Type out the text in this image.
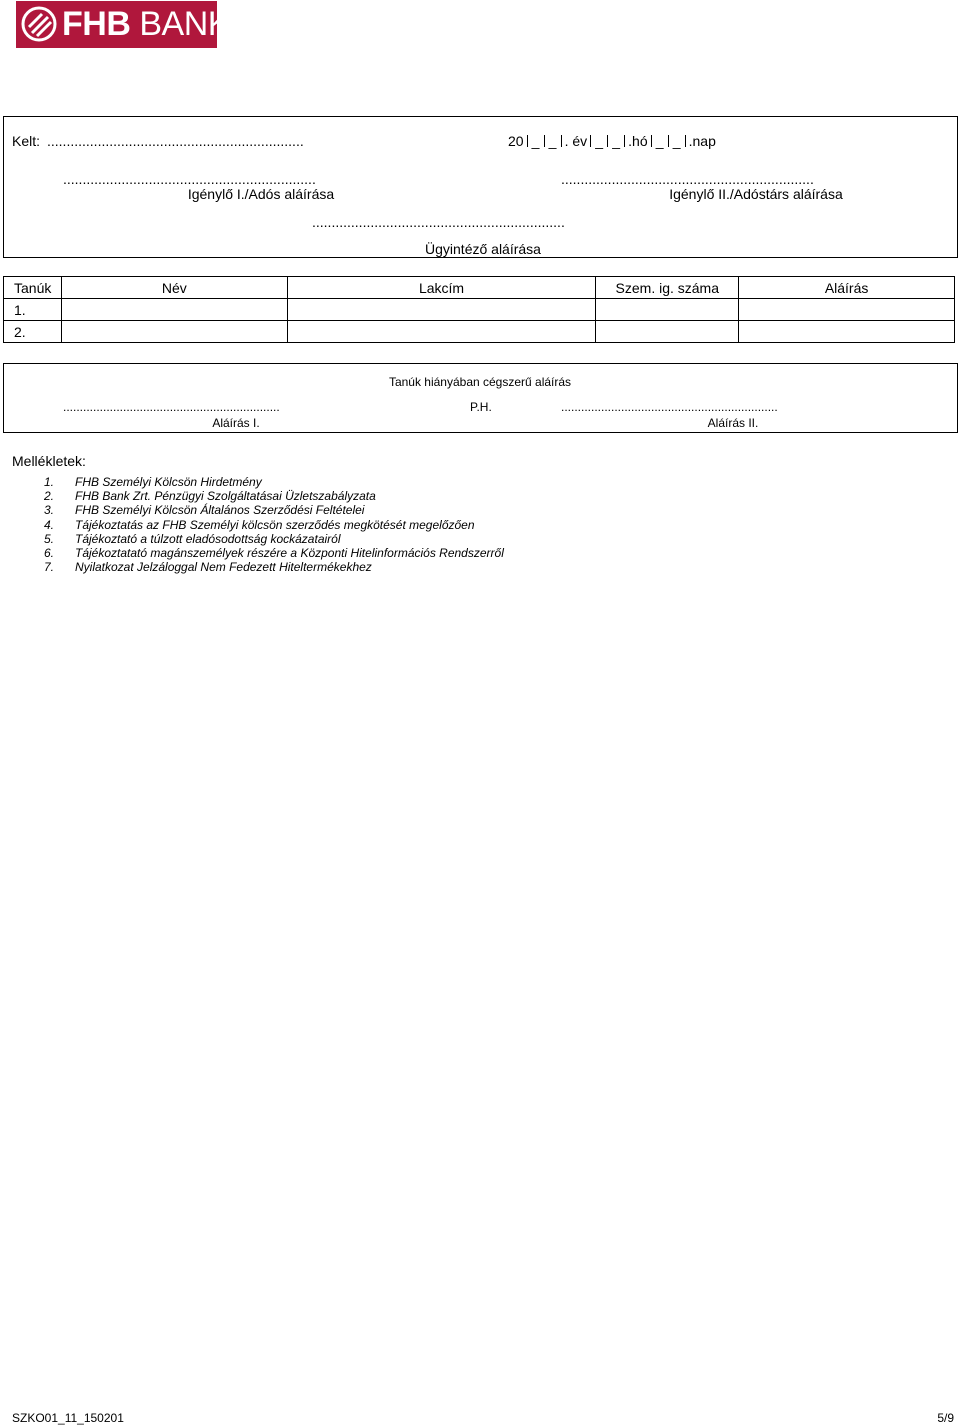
FHB BANK
Kelt: ..................................................................	20 _ _ . év _ _ .hó _ _ .nap
.................................................................	.................................................................
Igénylő I./Adós aláírása	Igénylő II./Adóstárs aláírása
.................................................................
Ügyintéző aláírása
Tanúk	Név	Lakcím	Szem. ig. száma	Aláírás
1.				
2.				
Tanúk hiányában cégszerű aláírás
.................................................................	P.H.	.................................................................
Aláírás I.	Aláírás II.
Mellékletek:
1. FHB Személyi Kölcsön Hirdetmény
2. FHB Bank Zrt. Pénzügyi Szolgáltatásai Üzletszabályzata
3. FHB Személyi Kölcsön Általános Szerződési Feltételei
4. Tájékoztatás az FHB Személyi kölcsön szerződés megkötését megelőzően
5. Tájékoztató a túlzott eladósodottság kockázatairól
6. Tájékoztatató magánszemélyek részére a Központi Hitelinformációs Rendszerről
7. Nyilatkozat Jelzáloggal Nem Fedezett Hiteltermékekhez
SZKO01_11_150201	5/9
